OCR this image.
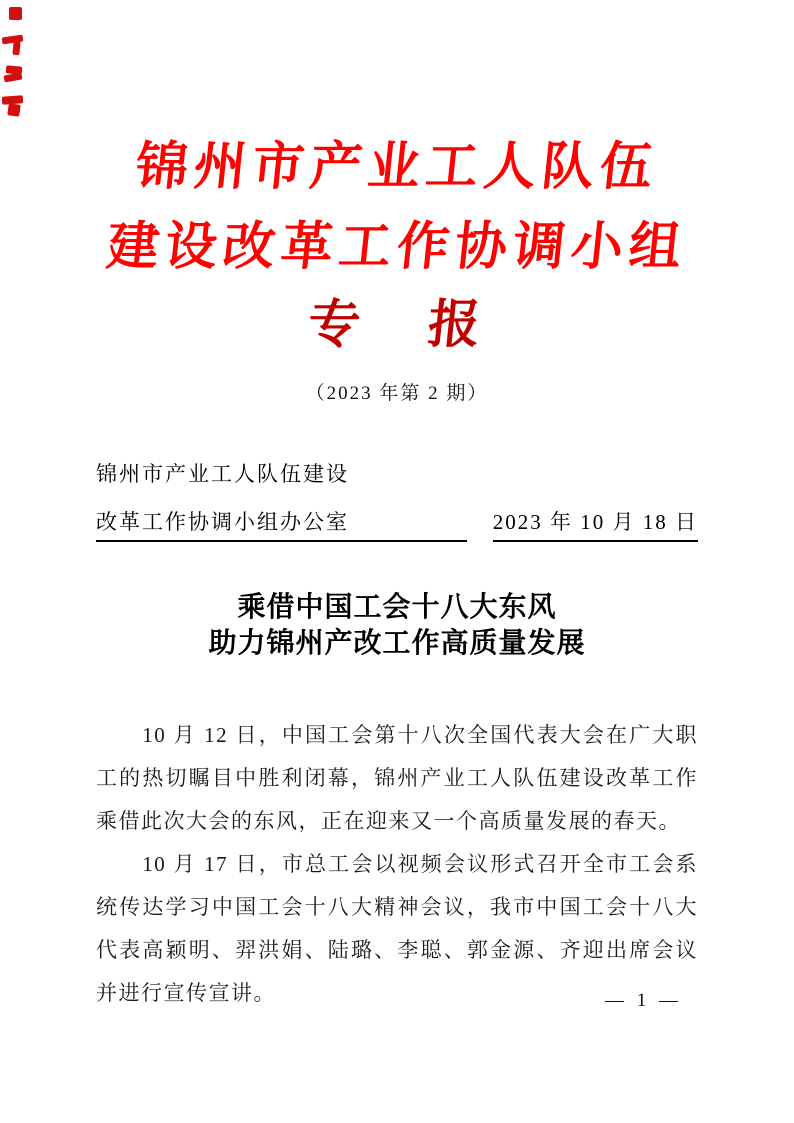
锦州市产业工人队伍
建设改革工作协调小组
专 报
（2023 年第 2 期）
锦州市产业工人队伍建设
改革工作协调小组办公室	2023 年 10 月 18 日
乘借中国工会十八大东风
助力锦州产改工作高质量发展

10 月 12 日，中国工会第十八次全国代表大会在广大职工的热切瞩目中胜利闭幕，锦州产业工人队伍建设改革工作乘借此次大会的东风，正在迎来又一个高质量发展的春天。

10 月 17 日，市总工会以视频会议形式召开全市工会系统传达学习中国工会十八大精神会议，我市中国工会十八大代表高颖明、羿洪娟、陆璐、李聪、郭金源、齐迎出席会议并进行宣传宣讲。	— 1 —
